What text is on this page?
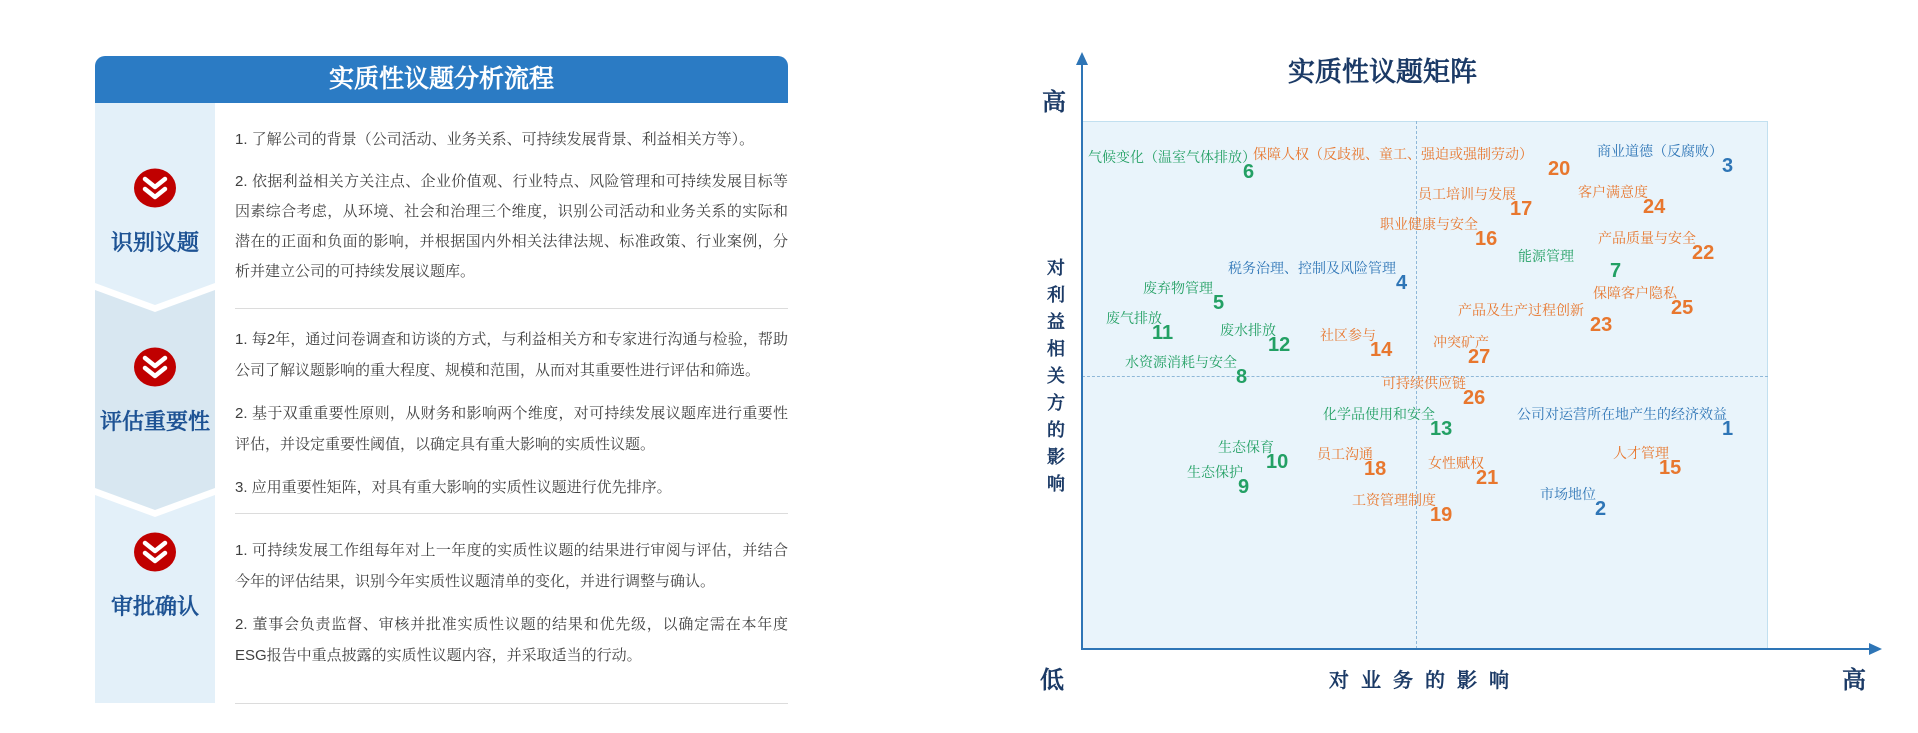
实质性议题分析流程
识别议题
评估重要性
审批确认

1. 了解公司的背景（公司活动、业务关系、可持续发展背景、利益相关方等）。

2. 依据利益相关方关注点、企业价值观、行业特点、风险管理和可持续发展目标等因素综合考虑，从环境、社会和治理三个维度，识别公司活动和业务关系的实际和潜在的正面和负面的影响，并根据国内外相关法律法规、标准政策、行业案例，分析并建立公司的可持续发展议题库。

1. 每2年，通过问卷调查和访谈的方式，与利益相关方和专家进行沟通与检验，帮助公司了解议题影响的重大程度、规模和范围，从而对其重要性进行评估和筛选。

2. 基于双重重要性原则，从财务和影响两个维度，对可持续发展议题库进行重要性评估，并设定重要性阈值，以确定具有重大影响的实质性议题。

3. 应用重要性矩阵，对具有重大影响的实质性议题进行优先排序。

1. 可持续发展工作组每年对上一年度的实质性议题的结果进行审阅与评估，并结合今年的评估结果，识别今年实质性议题清单的变化，并进行调整与确认。

2. 董事会负责监督、审核并批准实质性议题的结果和优先级，以确定需在本年度ESG报告中重点披露的实质性议题内容，并采取适当的行动。

实质性议题矩阵
高
低	高
对业务的影响
对利益相关方的影响
气候变化（温室气体排放）
6
保障人权（反歧视、童工、强迫或强制劳动）
20
商业道德（反腐败）
3
客户满意度
24
员工培训与发展
17
职业健康与安全
16	产品质量与安全
22
能源管理
7
税务治理、控制及风险管理
4	保障客户隐私
25
废弃物管理
5	产品及生产过程创新
23
废气排放
11	废水排放
12 社区参与
14	冲突矿产
27
水资源消耗与安全
8	可持续供应链
26
化学品使用和安全
13
公司对运营所在地产生的经济效益
1
生态保育
10 员工沟通
18	女性赋权
21
人才管理
15
生态保护
9	市场地位
2
工资管理制度
19
